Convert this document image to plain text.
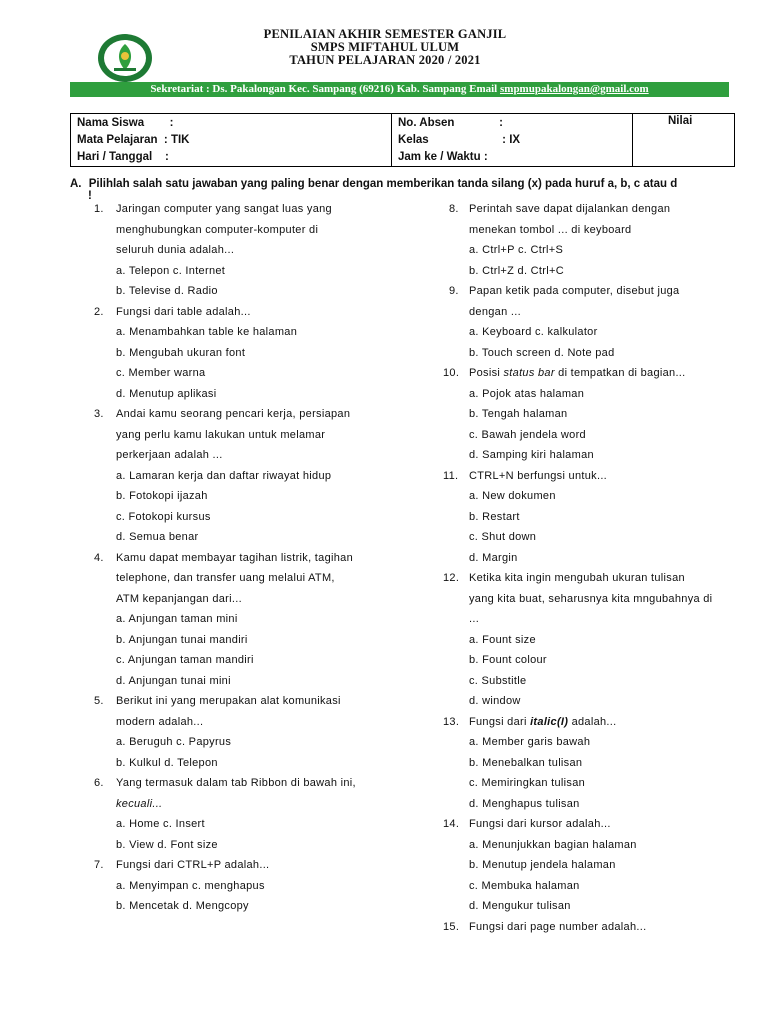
PENILAIAN AKHIR SEMESTER GANJIL
SMPS MIFTAHUL ULUM
TAHUN PELAJARAN 2020 / 2021
Sekretariat : Ds. Pakalongan Kec. Sampang (69216) Kab. Sampang Email smpmupakalongan@gmail.com
Nama Siswa        :
Mata Pelajaran  : TIK
Hari / Tanggal    :
No. Absen              :
Kelas                       : IX
Jam ke / Waktu :
Nilai
A. Pilihlah salah satu jawaban yang paling benar dengan memberikan tanda silang (x) pada huruf a, b, c atau d
!
1. Jaringan computer yang sangat luas yang
menghubungkan computer-komputer di
seluruh dunia adalah...
a. Telepon c. Internet
b. Televise d. Radio
2. Fungsi dari table adalah...
a. Menambahkan table ke halaman
b. Mengubah ukuran font
c. Member warna
d. Menutup aplikasi
3. Andai kamu seorang pencari kerja, persiapan
yang perlu kamu lakukan untuk melamar
perkerjaan adalah ...
a. Lamaran kerja dan daftar riwayat hidup
b. Fotokopi ijazah
c. Fotokopi kursus
d. Semua benar
4. Kamu dapat membayar tagihan listrik, tagihan
telephone, dan transfer uang melalui ATM,
ATM kepanjangan dari...
a. Anjungan taman mini
b. Anjungan tunai mandiri
c. Anjungan taman mandiri
d. Anjungan tunai mini
5. Berikut ini yang merupakan alat komunikasi
modern adalah...
a. Beruguh c. Papyrus
b. Kulkul d. Telepon
6. Yang termasuk dalam tab Ribbon di bawah ini,
kecuali...
a. Home c. Insert
b. View d. Font size
7. Fungsi dari CTRL+P adalah...
a. Menyimpan c. menghapus
b. Mencetak d. Mengcopy
8. Perintah save dapat dijalankan dengan
menekan tombol ... di keyboard
a. Ctrl+P c. Ctrl+S
b. Ctrl+Z d. Ctrl+C
9. Papan ketik pada computer, disebut juga
dengan ...
a. Keyboard c. kalkulator
b. Touch screen d. Note pad
10. Posisi status bar di tempatkan di bagian...
a. Pojok atas halaman
b. Tengah halaman
c. Bawah jendela word
d. Samping kiri halaman
11. CTRL+N berfungsi untuk...
a. New dokumen
b. Restart
c. Shut down
d. Margin
12. Ketika kita ingin mengubah ukuran tulisan
yang kita buat, seharusnya kita mngubahnya di
...
a. Fount size
b. Fount colour
c. Substitle
d. window
13. Fungsi dari italic(I) adalah...
a. Member garis bawah
b. Menebalkan tulisan
c. Memiringkan tulisan
d. Menghapus tulisan
14. Fungsi dari kursor adalah...
a. Menunjukkan bagian halaman
b. Menutup jendela halaman
c. Membuka halaman
d. Mengukur tulisan
15. Fungsi dari page number adalah...
